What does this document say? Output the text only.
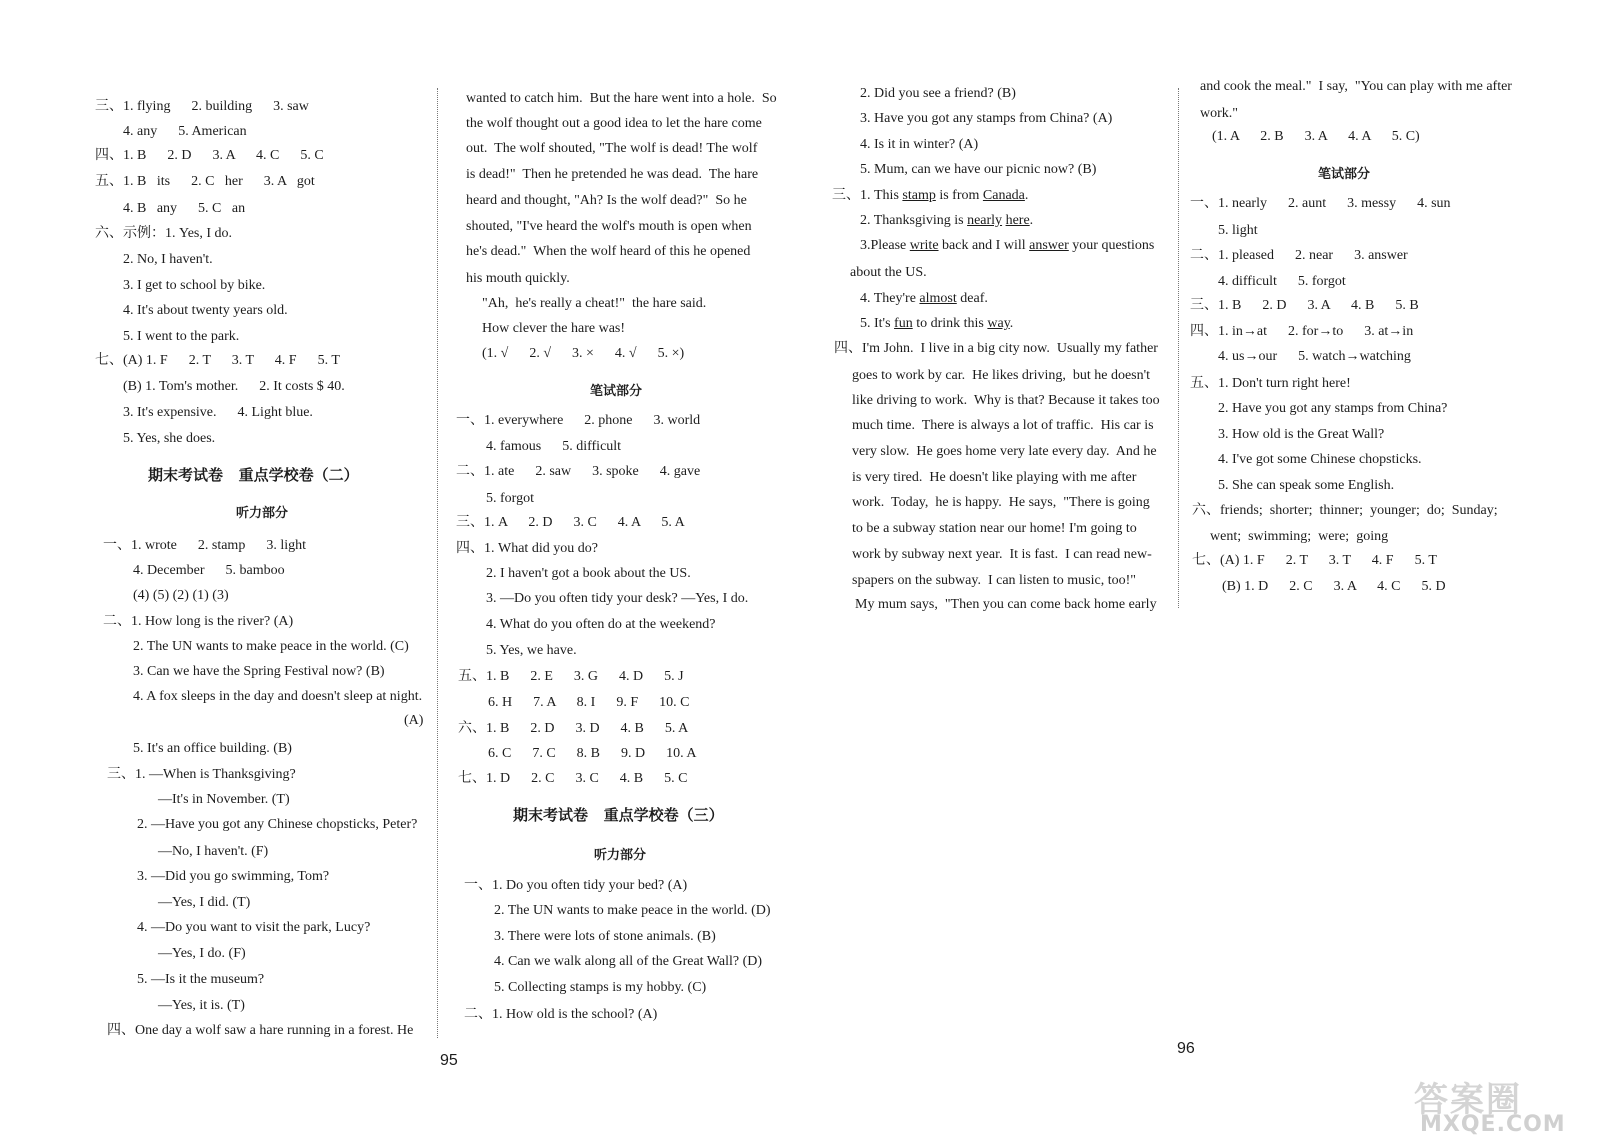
三、1. flying      2. building      3. saw
4. any      5. American
四、1. B      2. D      3. A      4. C      5. C
五、1. B   its      2. C   her      3. A   got
4. B   any      5. C   an
六、示例：1. Yes, I do.
2. No, I haven't.
3. I get to school by bike.
4. It's about twenty years old.
5. I went to the park.
七、(A) 1. F      2. T      3. T      4. F      5. T
(B) 1. Tom's mother.      2. It costs $ 40.
3. It's expensive.      4. Light blue.
5. Yes, she does.
期末考试卷   重点学校卷（二）
听力部分
一、1. wrote      2. stamp      3. light
4. December      5. bamboo
(4) (5) (2) (1) (3)
二、1. How long is the river? (A)
2. The UN wants to make peace in the world. (C)
3. Can we have the Spring Festival now? (B)
4. A fox sleeps in the day and doesn't sleep at night.
(A)
5. It's an office building. (B)
三、1. —When is Thanksgiving?
—It's in November. (T)
2. —Have you got any Chinese chopsticks, Peter?
—No, I haven't. (F)
3. —Did you go swimming, Tom?
—Yes, I did. (T)
4. —Do you want to visit the park, Lucy?
—Yes, I do. (F)
5. —Is it the museum?
—Yes, it is. (T)
四、One day a wolf saw a hare running in a forest. He
wanted to catch him.  But the hare went into a hole.  So
the wolf thought out a good idea to let the hare come
out.  The wolf shouted, "The wolf is dead! The wolf
is dead!"  Then he pretended he was dead.  The hare
heard and thought, "Ah? Is the wolf dead?"  So he
shouted, "I've heard the wolf's mouth is open when
he's dead."  When the wolf heard of this he opened
his mouth quickly.
"Ah,  he's really a cheat!"  the hare said.
How clever the hare was!
(1. √      2. √      3. ×      4. √      5. ×)
笔试部分
一、1. everywhere      2. phone      3. world
4. famous      5. difficult
二、1. ate      2. saw      3. spoke      4. gave
5. forgot
三、1. A      2. D      3. C      4. A      5. A
四、1. What did you do?
2. I haven't got a book about the US.
3. —Do you often tidy your desk? —Yes, I do.
4. What do you often do at the weekend?
5. Yes, we have.
五、1. B      2. E      3. G      4. D      5. J
6. H      7. A      8. I      9. F      10. C
六、1. B      2. D      3. D      4. B      5. A
6. C      7. C      8. B      9. D      10. A
七、1. D      2. C      3. C      4. B      5. C
期末考试卷   重点学校卷（三）
听力部分
一、1. Do you often tidy your bed? (A)
2. The UN wants to make peace in the world. (D)
3. There were lots of stone animals. (B)
4. Can we walk along all of the Great Wall? (D)
5. Collecting stamps is my hobby. (C)
二、1. How old is the school? (A)
95
2. Did you see a friend? (B)
3. Have you got any stamps from China? (A)
4. Is it in winter? (A)
5. Mum, can we have our picnic now? (B)
三、1. This stamp is from Canada.
2. Thanksgiving is nearly here.
3.Please write back and I will answer your questions
about the US.
4. They're almost deaf.
5. It's fun to drink this way.
四、I'm John.  I live in a big city now.  Usually my father
goes to work by car.  He likes driving,  but he doesn't
like driving to work.  Why is that? Because it takes too
much time.  There is always a lot of traffic.  His car is
very slow.  He goes home very late every day.  And he
is very tired.  He doesn't like playing with me after
work.  Today,  he is happy.  He says,  "There is going
to be a subway station near our home! I'm going to
work by subway next year.  It is fast.  I can read new-
spapers on the subway.  I can listen to music, too!"
My mum says,  "Then you can come back home early
and cook the meal."  I say,  "You can play with me after
work."
(1. A      2. B      3. A      4. A      5. C)
笔试部分
一、1. nearly      2. aunt      3. messy      4. sun
5. light
二、1. pleased      2. near      3. answer
4. difficult      5. forgot
三、1. B      2. D      3. A      4. B      5. B
四、1. in→at      2. for→to      3. at→in
4. us→our      5. watch→watching
五、1. Don't turn right here!
2. Have you got any stamps from China?
3. How old is the Great Wall?
4. I've got some Chinese chopsticks.
5. She can speak some English.
六、friends;  shorter;  thinner;  younger;  do;  Sunday;
went;  swimming;  were;  going
七、(A) 1. F      2. T      3. T      4. F      5. T
(B) 1. D      2. C      3. A      4. C      5. D
96
答案圈
MXQE.COM
